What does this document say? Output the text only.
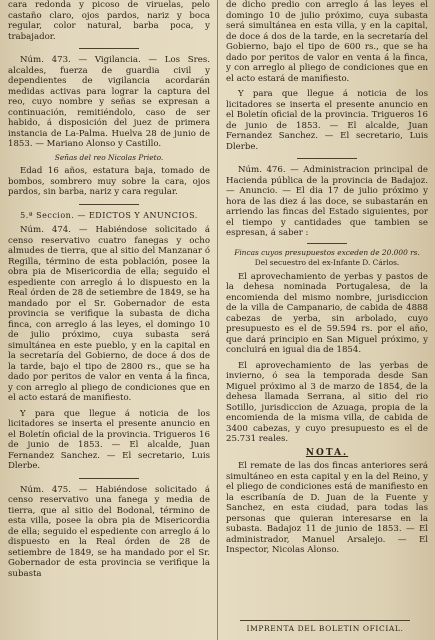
cara redonda y picoso de viruelas, pelo castaño claro, ojos pardos, nariz y boca regular, color natural, barba poca, y trabajador.

Núm. 473. — Vigilancia. — Los Sres. alcaldes, fuerza de guardia civil y dependientes de vigilancia acordarán medidas activas para lograr la captura del reo, cuyo nombre y señas se expresan a continuación, remitiéndolo, caso de ser habido, á disposición del juez de primera instancia de La-Palma. Huelva 28 de junio de 1853. — Mariano Alonso y Castillo.

Señas del reo Nicolas Prieto.

Edad 16 años, estatura baja, tomado de bombos, sombrero muy sobre la cara, ojos pardos, sin barba, nariz y cara regular.

5.ª Seccion. — EDICTOS Y ANUNCIOS.

Núm. 474. — Habiéndose solicitado á censo reservativo cuatro fanegas y ocho almudes de tierra, que al sitio del Manzanar ó Regilla, término de esta población, posee la obra pia de Misericordia de ella; seguido el espediente con arreglo á lo dispuesto en la Real órden de 28 de setiembre de 1849, se ha mandado por el Sr. Gobernador de esta provincia se verifique la subasta de dicha finca, con arreglo á las leyes, el domingo 10 de julio próximo, cuya subasta será simultánea en este pueblo, y en la capital en la secretaría del Gobierno, de doce á dos de la tarde, bajo el tipo de 2800 rs., que se ha dado por peritos de valor en venta á la finca, y con arreglo al pliego de condiciones que en el acto estará de manifiesto.

Y para que llegue á noticia de los licitadores se inserta el presente anuncio en el Boletín oficial de la provincia. Trigueros 16 de junio de 1853. — El alcalde, Juan Fernandez Sanchez. — El secretario, Luis Dlerbe.

Núm. 475. — Habiéndose solicitado á censo reservativo una fanega y media de tierra, que al sitio del Bodonal, término de esta villa, posee la obra pia de Misericordia de ella; seguido el espediente con arreglo á lo dispuesto en la Real órden de 28 de setiembre de 1849, se ha mandado por el Sr. Gobernador de esta provincia se verifique la subasta

de dicho predio con arreglo á las leyes el domingo 10 de julio próximo, cuya subasta será simultánea en esta villa, y en la capital, de doce á dos de la tarde, en la secretaría del Gobierno, bajo el tipo de 600 rs., que se ha dado por peritos de valor en venta á la finca, y con arreglo al pliego de condiciones que en el acto estará de manifiesto.

Y para que llegue á noticia de los licitadores se inserta el presente anuncio en el Boletín oficial de la provincia. Trigueros 16 de junio de 1853. — El alcalde, Juan Fernandez Sanchez. — El secretario, Luis Dlerbe.

Núm. 476. — Administracion principal de Hacienda pública de la provincia de Badajoz. — Anuncio. — El dia 17 de julio próximo y hora de las diez á las doce, se subastarán en arriendo las fincas del Estado siguientes, por el tiempo y cantidades que tambien se espresan, á saber :

Fincas cuyos presupuestos exceden de 20.000 rs.

Del secuestro del ex-Infante D. Cárlos.

El aprovechamiento de yerbas y pastos de la dehesa nominada Portugalesa, de la encomienda del mismo nombre, jurisdiccion de la villa de Campanario, de cabida de 4888 cabezas de yerba, sin arbolado, cuyo presupuesto es el de 59.594 rs. por el año, que dará principio en San Miguel próximo, y concluirá en igual dia de 1854.

El aprovechamiento de las yerbas de invierno, ó sea la temporada desde San Miguel próximo al 3 de marzo de 1854, de la dehesa llamada Serrana, al sitio del rio Sotillo, jurisdiccion de Azuaga, propia de la encomienda de la misma villa, de cabida de 3400 cabezas, y cuyo presupuesto es el de 25.731 reales.

NOTA.

El remate de las dos fincas anteriores será simultáneo en esta capital y en la del Reino, y el pliego de condiciones está de manifiesto en la escribanía de D. Juan de la Fuente y Sanchez, en esta ciudad, para todas las personas que quieran interesarse en la subasta. Badajoz 11 de junio de 1853. — El administrador, Manuel Arsalejo. — El Inspector, Nicolas Alonso.

IMPRENTA DEL BOLETIN OFICIAL.
